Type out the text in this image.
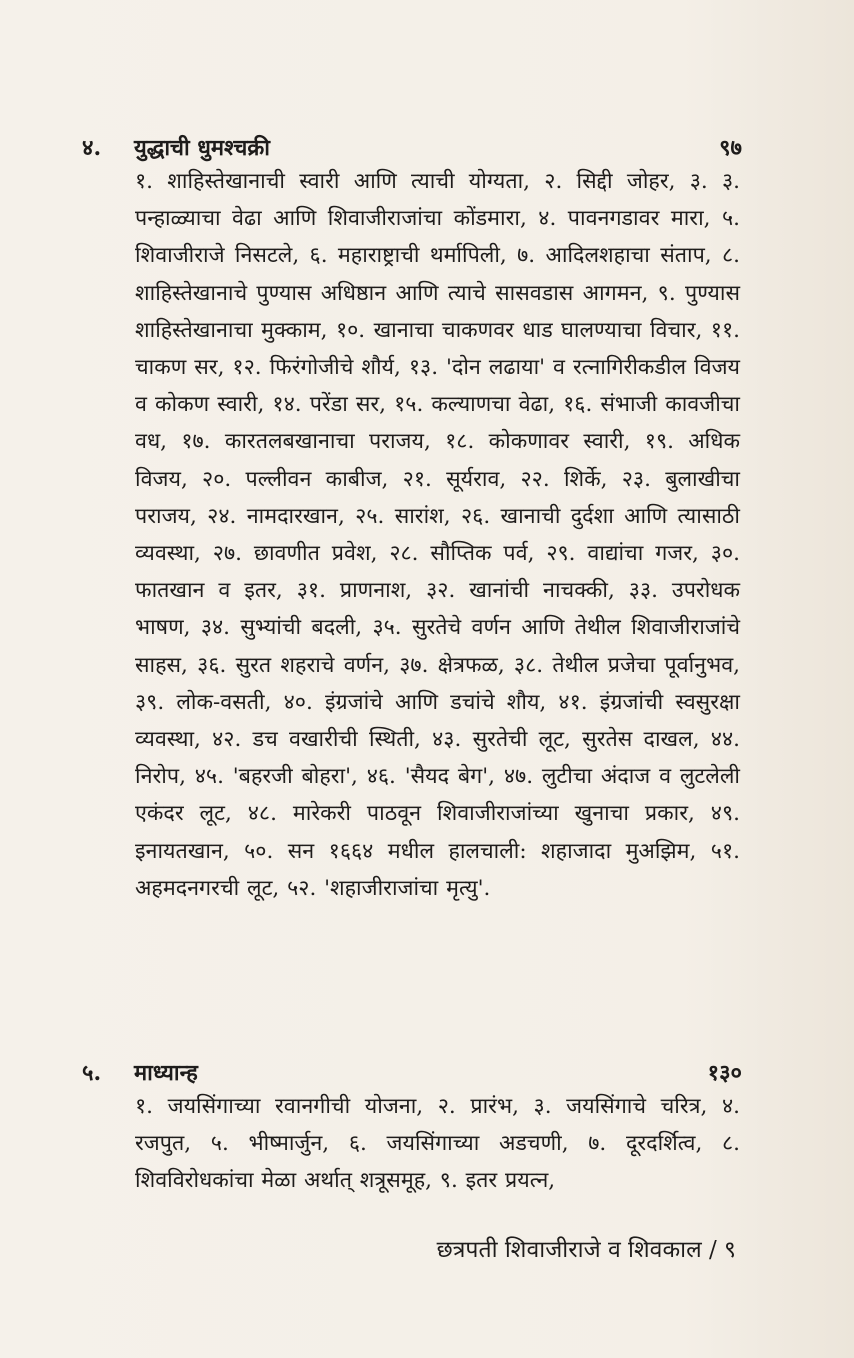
४. युद्धाची धुमश्चक्री	९७

१. शाहिस्तेखानाची स्वारी आणि त्याची योग्यता, २. सिद्दी जोहर, ३. ३. पन्हाळ्याचा वेढा आणि शिवाजीराजांचा कोंडमारा, ४. पावनगडावर मारा, ५. शिवाजीराजे निसटले, ६. महाराष्ट्राची थर्मापिली, ७. आदिलशहाचा संताप, ८. शाहिस्तेखानाचे पुण्यास अधिष्ठान आणि त्याचे सासवडास आगमन, ९. पुण्यास शाहिस्तेखानाचा मुक्काम, १०. खानाचा चाकणवर धाड घालण्याचा विचार, ११. चाकण सर, १२. फिरंगोजीचे शौर्य, १३. 'दोन लढाया' व रत्नागिरीकडील विजय व कोकण स्वारी, १४. परेंडा सर, १५. कल्याणचा वेढा, १६. संभाजी कावजीचा वध, १७. कारतलबखानाचा पराजय, १८. कोकणावर स्वारी, १९. अधिक विजय, २०. पल्लीवन काबीज, २१. सूर्यराव, २२. शिर्के, २३. बुलाखीचा पराजय, २४. नामदारखान, २५. सारांश, २६. खानाची दुर्दशा आणि त्यासाठी व्यवस्था, २७. छावणीत प्रवेश, २८. सौप्तिक पर्व, २९. वाद्यांचा गजर, ३०. फातखान व इतर, ३१. प्राणनाश, ३२. खानांची नाचक्की, ३३. उपरोधक भाषण, ३४. सुभ्यांची बदली, ३५. सुरतेचे वर्णन आणि तेथील शिवाजीराजांचे साहस, ३६. सुरत शहराचे वर्णन, ३७. क्षेत्रफळ, ३८. तेथील प्रजेचा पूर्वानुभव, ३९. लोक-वसती, ४०. इंग्रजांचे आणि डचांचे शौय, ४१. इंग्रजांची स्वसुरक्षा व्यवस्था, ४२. डच वखारीची स्थिती, ४३. सुरतेची लूट, सुरतेस दाखल, ४४. निरोप, ४५. 'बहरजी बोहरा', ४६. 'सैयद बेग', ४७. लुटीचा अंदाज व लुटलेली एकंदर लूट, ४८. मारेकरी पाठवून शिवाजीराजांच्या खुनाचा प्रकार, ४९. इनायतखान, ५०. सन १६६४ मधील हालचाली: शहाजादा मुअझिम, ५१. अहमदनगरची लूट, ५२. 'शहाजीराजांचा मृत्यु'.

५. माध्यान्ह	१३०

१. जयसिंगाच्या रवानगीची योजना, २. प्रारंभ, ३. जयसिंगाचे चरित्र, ४. रजपुत, ५. भीष्मार्जुन, ६. जयसिंगाच्या अडचणी, ७. दूरदर्शित्व, ८. शिवविरोधकांचा मेळा अर्थात् शत्रूसमूह, ९. इतर प्रयत्न,

छत्रपती शिवाजीराजे व शिवकाल / ९
